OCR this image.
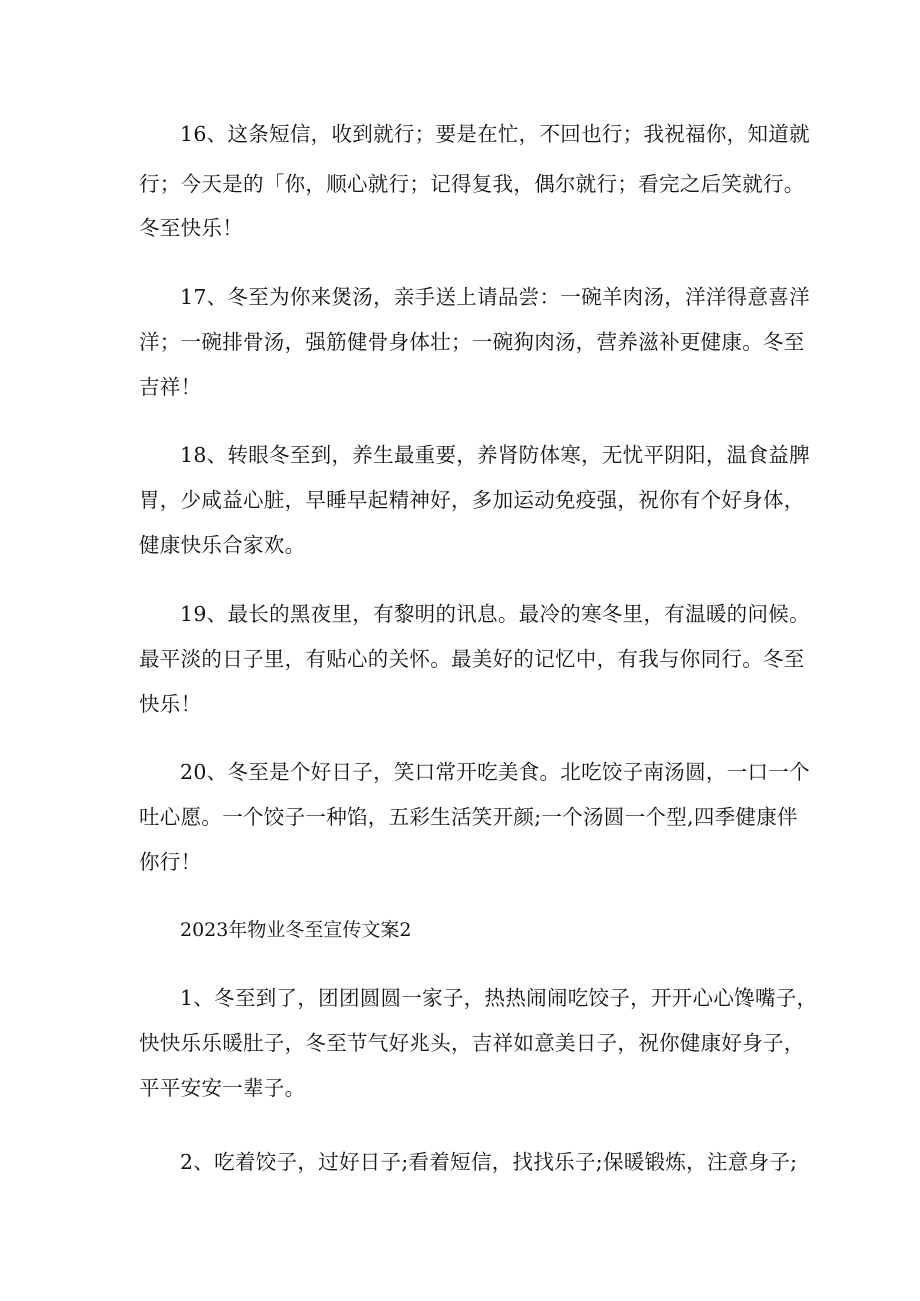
16、这条短信，收到就行；要是在忙，不回也行；我祝福你，知道就
行；今天是的「你，顺心就行；记得复我，偶尔就行；看完之后笑就行。
冬至快乐！
17、冬至为你来煲汤，亲手送上请品尝：一碗羊肉汤，洋洋得意喜洋
洋；一碗排骨汤，强筋健骨身体壮；一碗狗肉汤，营养滋补更健康。冬至
吉祥！
18、转眼冬至到，养生最重要，养肾防体寒，无忧平阴阳，温食益脾
胃，少咸益心脏，早睡早起精神好，多加运动免疫强，祝你有个好身体，
健康快乐合家欢。
19、最长的黑夜里，有黎明的讯息。最冷的寒冬里，有温暖的问候。
最平淡的日子里，有贴心的关怀。最美好的记忆中，有我与你同行。冬至
快乐！
20、冬至是个好日子，笑口常开吃美食。北吃饺子南汤圆，一口一个
吐心愿。一个饺子一种馅，五彩生活笑开颜;一个汤圆一个型,四季健康伴
你行！
2023年物业冬至宣传文案2
1、冬至到了，团团圆圆一家子，热热闹闹吃饺子，开开心心馋嘴子，
快快乐乐暖肚子，冬至节气好兆头，吉祥如意美日子，祝你健康好身子，
平平安安一辈子。
2、吃着饺子，过好日子;看着短信，找找乐子;保暖锻炼，注意身子;
